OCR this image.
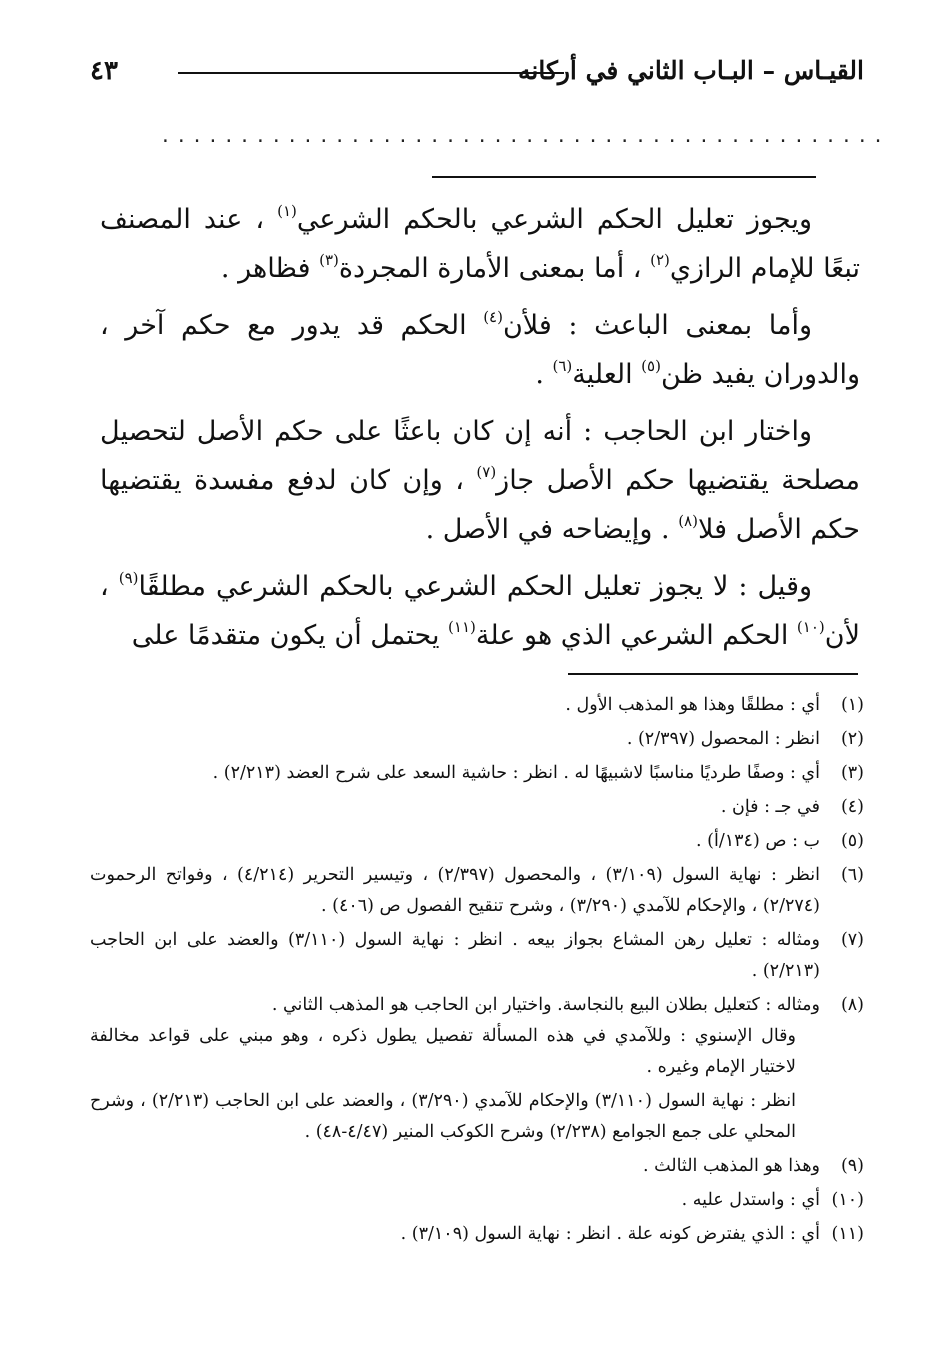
القيـاس – البـاب الثاني في أركانه
٤٣
..............................................

ويجوز تعليل الحكم الشرعي بالحكم الشرعي$^{(١)}$ ، عند المصنف تبعًا للإمام الرازي$^{(٢)}$ ، أما بمعنى الأمارة المجردة$^{(٣)}$ فظاهر .

وأما بمعنى الباعث : فلأن$^{(٤)}$ الحكم قد يدور مع حكم آخر ، والدوران يفيد ظن$^{(٥)}$ العلية$^{(٦)}$ .

واختار ابن الحاجب : أنه إن كان باعثًا على حكم الأصل لتحصيل مصلحة يقتضيها حكم الأصل جاز$^{(٧)}$ ، وإن كان لدفع مفسدة يقتضيها حكم الأصل فلا$^{(٨)}$ . وإيضاحه في الأصل .

وقيل : لا يجوز تعليل الحكم الشرعي بالحكم الشرعي مطلقًا$^{(٩)}$ ، لأن$^{(١٠)}$ الحكم الشرعي الذي هو علة$^{(١١)}$ يحتمل أن يكون متقدمًا على

(١)
أي : مطلقًا وهذا هو المذهب الأول .
(٢)
انظر : المحصول (٢/٣٩٧) .
(٣)
أي : وصفًا طرديًا مناسبًا لاشبيهًا له . انظر : حاشية السعد على شرح العضد (٢/٢١٣) .
(٤)
في جـ : فإن .
(٥)
ب : ص (١٣٤/أ) .
(٦)
انظر : نهاية السول (٣/١٠٩) ، والمحصول (٢/٣٩٧) ، وتيسير التحرير (٤/٢١٤) ، وفواتح الرحموت (٢/٢٧٤) ، والإحكام للآمدي (٣/٢٩٠) ، وشرح تنقيح الفصول ص (٤٠٦) .
(٧)
ومثاله : تعليل رهن المشاع بجواز بيعه . انظر : نهاية السول (٣/١١٠) والعضد على ابن الحاجب (٢/٢١٣) .
(٨)
ومثاله : كتعليل بطلان البيع بالنجاسة. واختيار ابن الحاجب هو المذهب الثاني .
وقال الإسنوي : وللآمدي في هذه المسألة تفصيل يطول ذكره ، وهو مبني على قواعد مخالفة لاختيار الإمام وغيره .
انظر : نهاية السول (٣/١١٠) والإحكام للآمدي (٣/٢٩٠) ، والعضد على ابن الحاجب (٢/٢١٣) ، وشرح المحلي على جمع الجوامع (٢/٢٣٨) وشرح الكوكب المنير (٤/٤٧-٤٨) .
(٩)
وهذا هو المذهب الثالث .
(١٠)
أي : واستدل عليه .
(١١)
أي : الذي يفترض كونه علة . انظر : نهاية السول (٣/١٠٩) .
